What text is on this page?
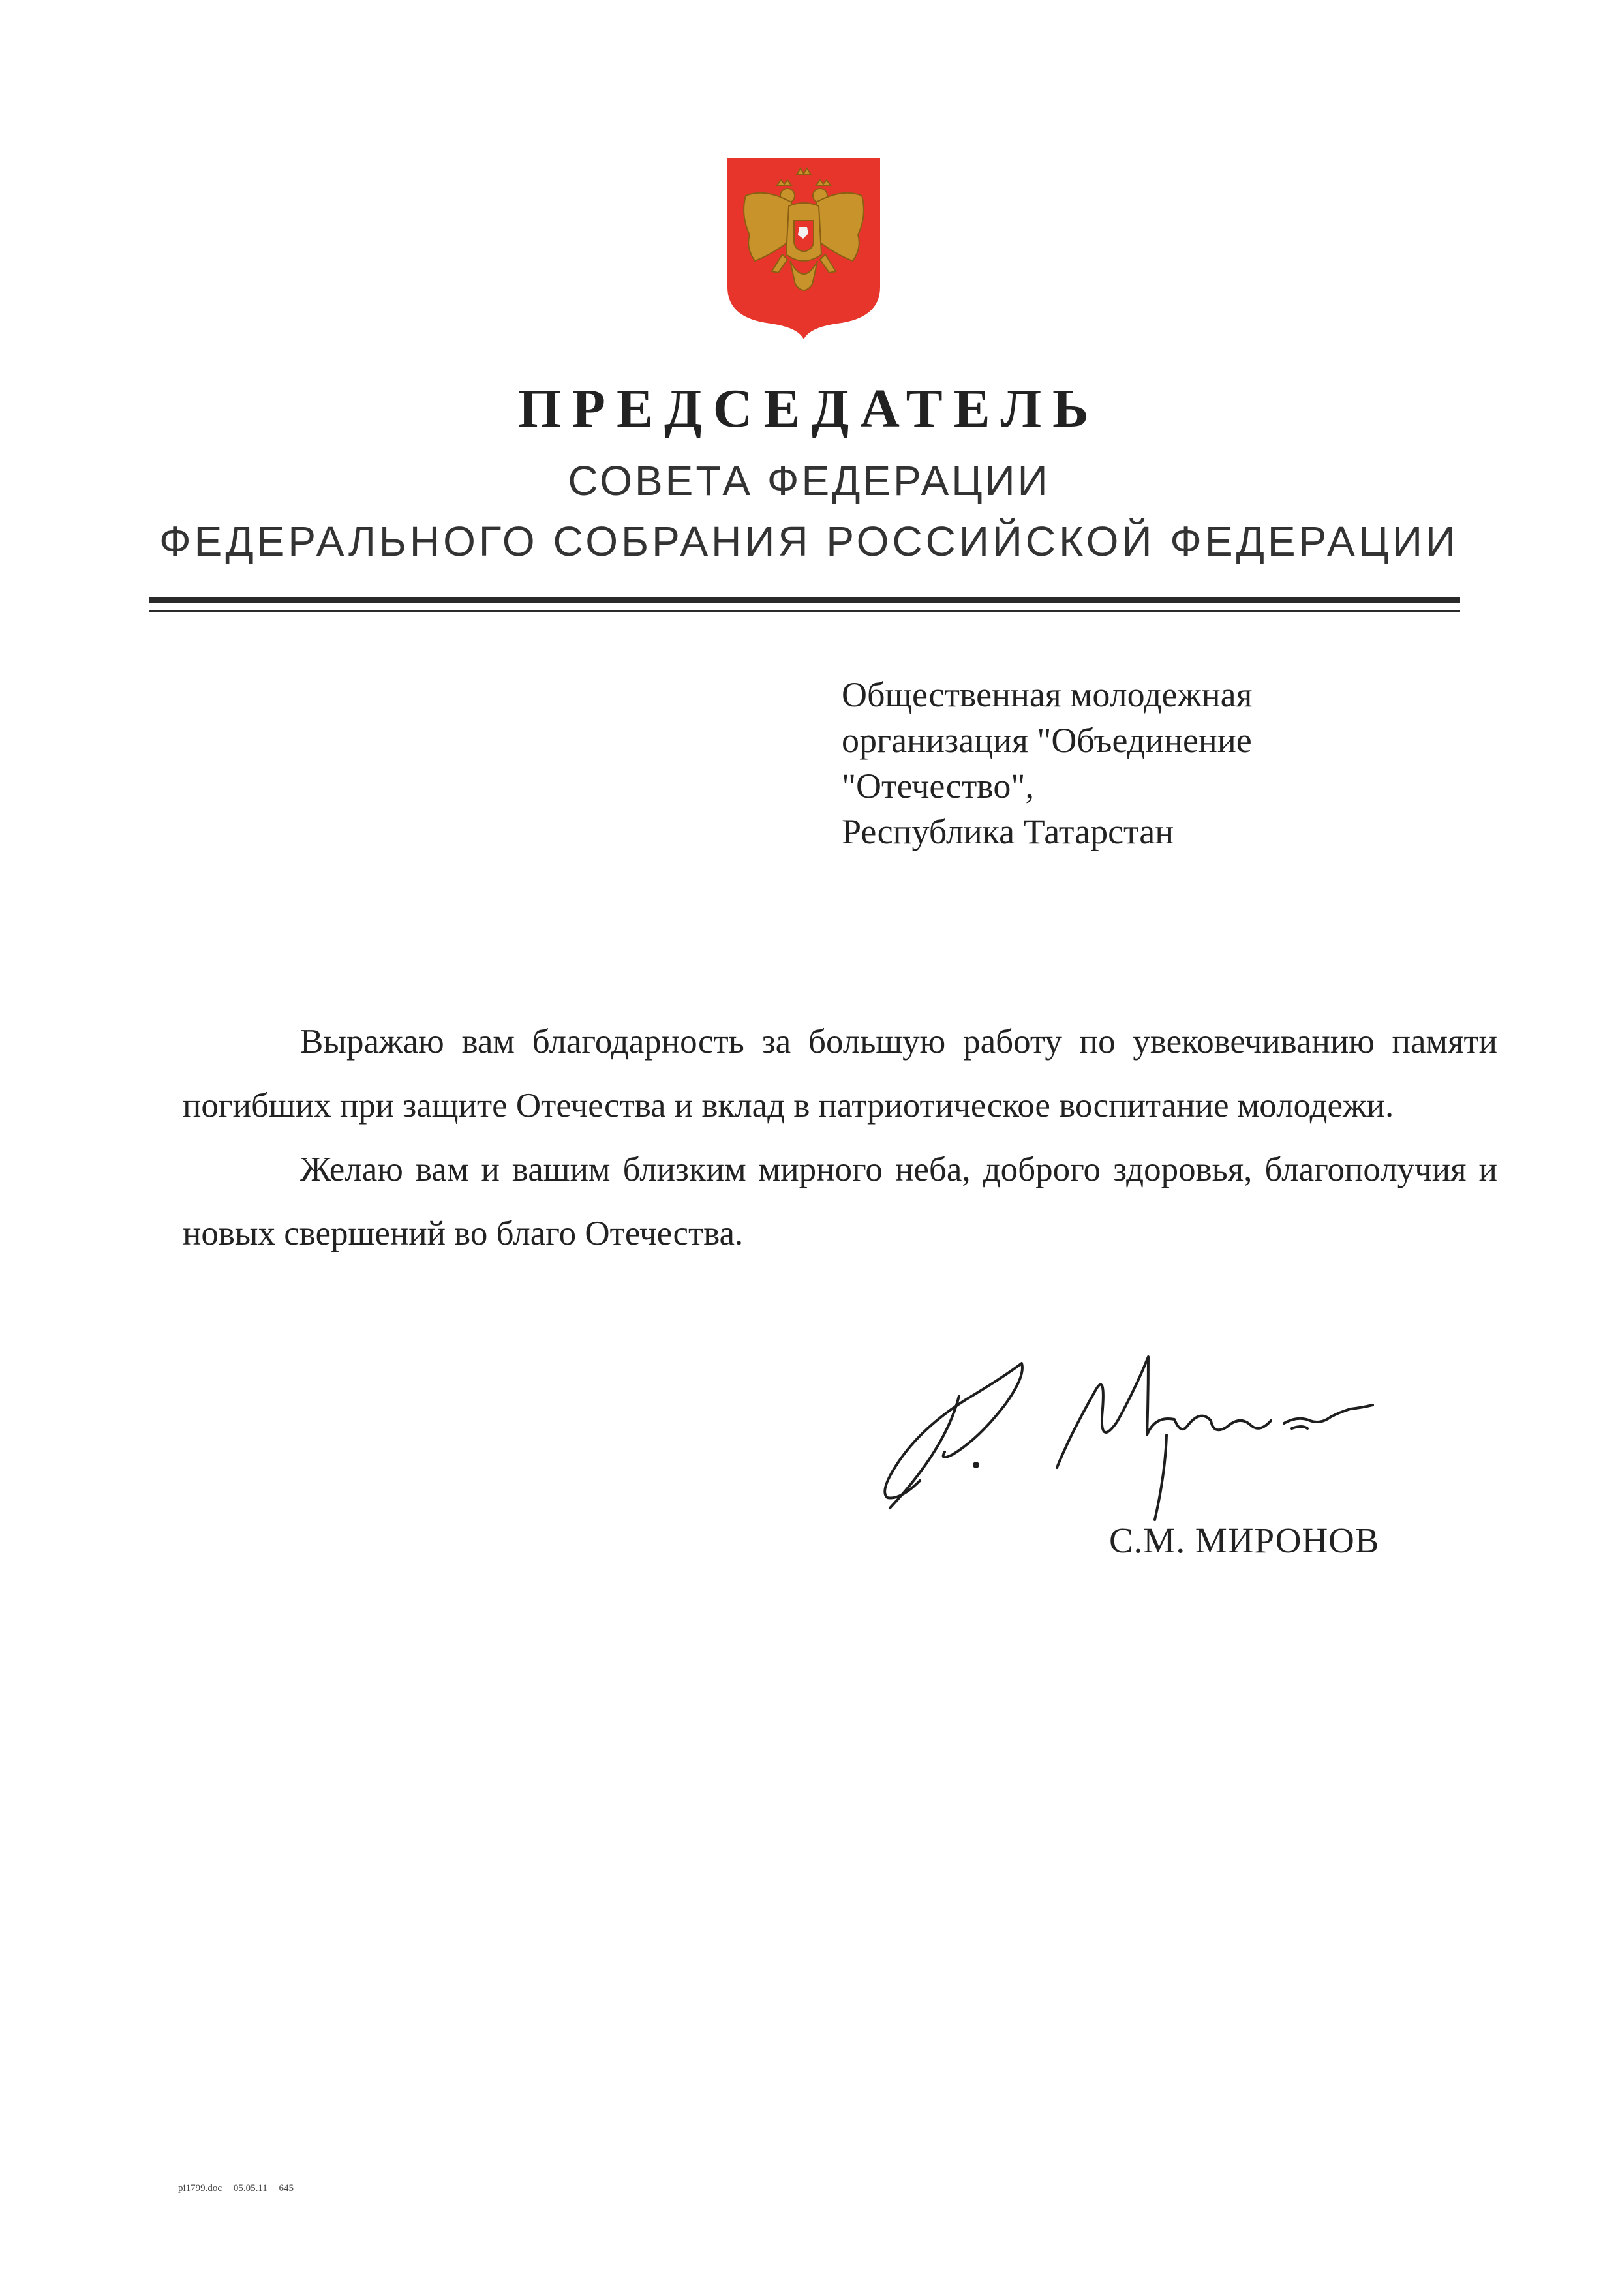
ПРЕДСЕДАТЕЛЬ
СОВЕТА ФЕДЕРАЦИИ
ФЕДЕРАЛЬНОГО СОБРАНИЯ РОССИЙСКОЙ ФЕДЕРАЦИИ
Общественная молодежная
организация "Объединение
"Отечество",
Республика Татарстан

Выражаю вам благодарность за большую работу по увековечиванию памяти погибших при защите Отечества и вклад в патриотическое воспитание молодежи.

Желаю вам и вашим близким мирного неба, доброго здоровья, благополучия и новых свершений во благо Отечества.

С.М. МИРОНОВ
pi1799.doc 05.05.11 645
